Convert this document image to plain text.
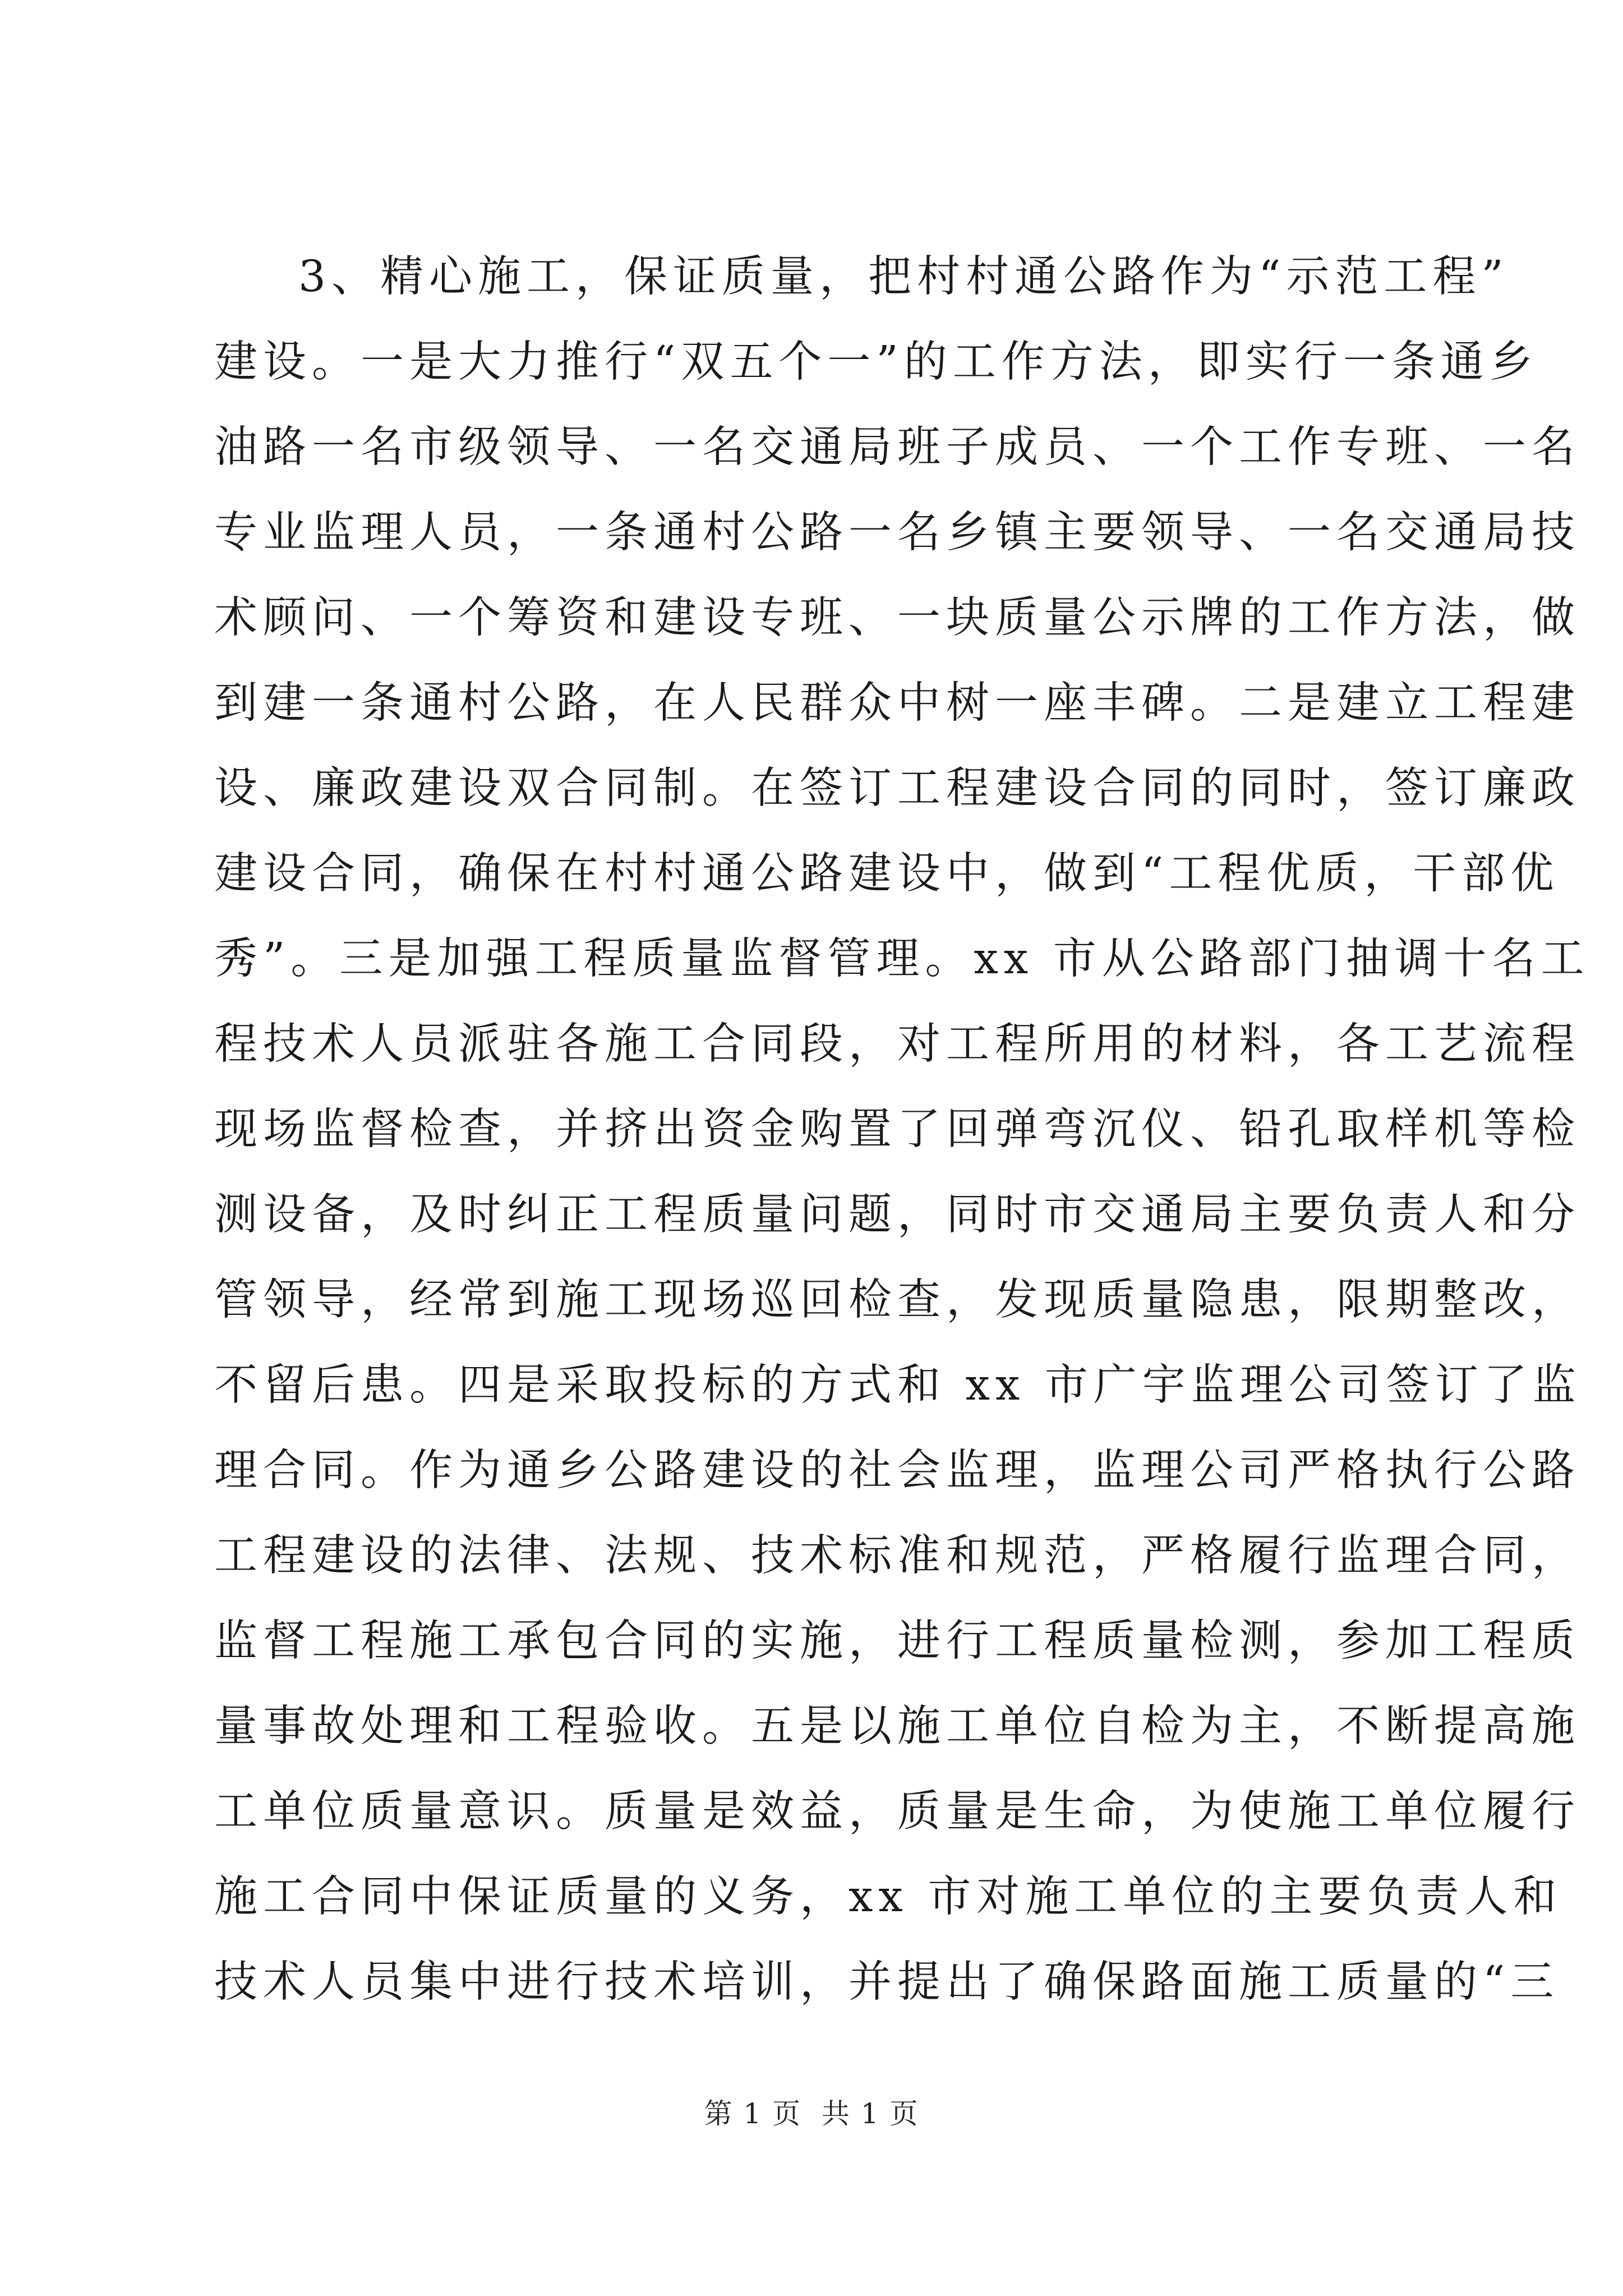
3、精心施工，保证质量，把村村通公路作为“示范工程”
建设。一是大力推行“双五个一”的工作方法，即实行一条通乡
油路一名市级领导、一名交通局班子成员、一个工作专班、一名
专业监理人员，一条通村公路一名乡镇主要领导、一名交通局技
术顾问、一个筹资和建设专班、一块质量公示牌的工作方法，做
到建一条通村公路，在人民群众中树一座丰碑。二是建立工程建
设、廉政建设双合同制。在签订工程建设合同的同时，签订廉政
建设合同，确保在村村通公路建设中，做到“工程优质，干部优
秀”。三是加强工程质量监督管理。xx 市从公路部门抽调十名工
程技术人员派驻各施工合同段，对工程所用的材料，各工艺流程
现场监督检查，并挤出资金购置了回弹弯沉仪、铅孔取样机等检
测设备，及时纠正工程质量问题，同时市交通局主要负责人和分
管领导，经常到施工现场巡回检查，发现质量隐患，限期整改，
不留后患。四是采取投标的方式和 xx 市广宇监理公司签订了监
理合同。作为通乡公路建设的社会监理，监理公司严格执行公路
工程建设的法律、法规、技术标准和规范，严格履行监理合同，
监督工程施工承包合同的实施，进行工程质量检测，参加工程质
量事故处理和工程验收。五是以施工单位自检为主，不断提高施
工单位质量意识。质量是效益，质量是生命，为使施工单位履行
施工合同中保证质量的义务，xx 市对施工单位的主要负责人和
技术人员集中进行技术培训，并提出了确保路面施工质量的“三
第 1 页  共 1 页
